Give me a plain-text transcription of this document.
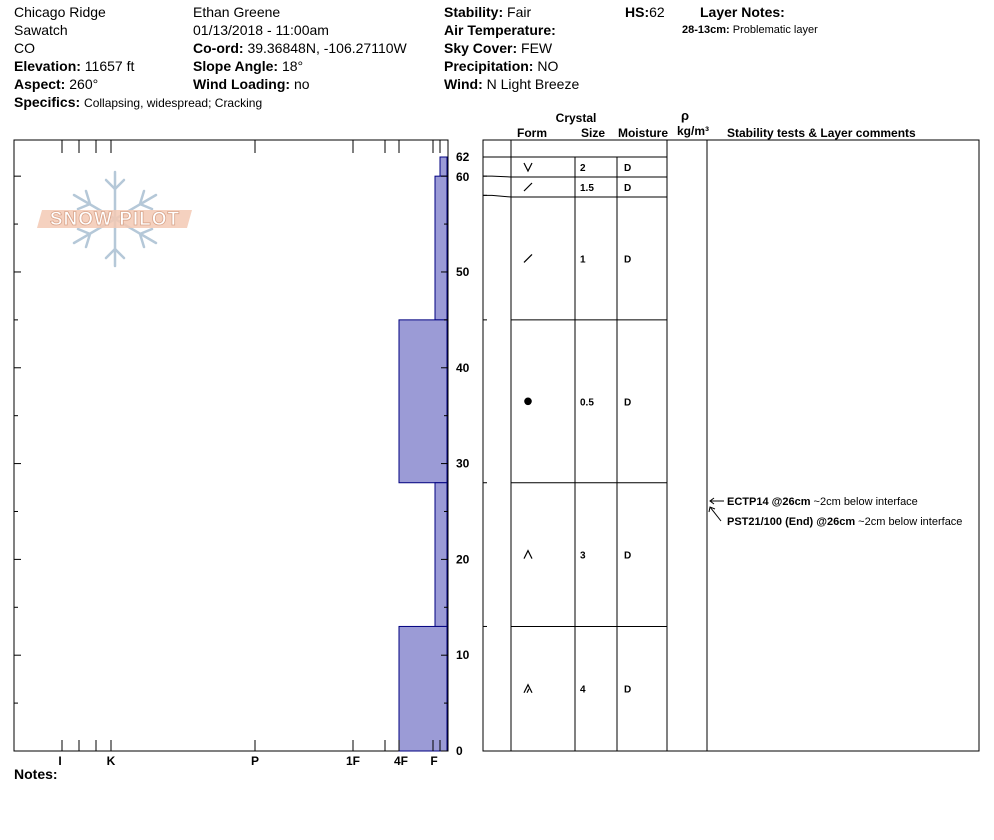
Chicago Ridge
Sawatch
CO
Elevation: 11657 ft
Aspect: 260°
Specifics: Collapsing, widespread; Cracking
Ethan Greene
01/13/2018 - 11:00am
Co-ord: 39.36848N, -106.27110W
Slope Angle: 18°
Wind Loading: no
Stability: Fair
Air Temperature:
Sky Cover: FEW
Precipitation: NO
Wind: N Light Breeze
HS:62	Layer Notes:
28-13cm: Problematic layer
Notes:
SNOW PILOT
I	K	P	1F	4F F
0
10
20
30
40
50
60
62
2	D
1.5	D
1	D
0.5	D
3	D
4	D
ECTP14 @26cm ~2cm below interface
PST21/100 (End) @26cm ~2cm below interface
Crystal
Form	Size Moisture
ρ
kg/m³ Stability tests & Layer comments
